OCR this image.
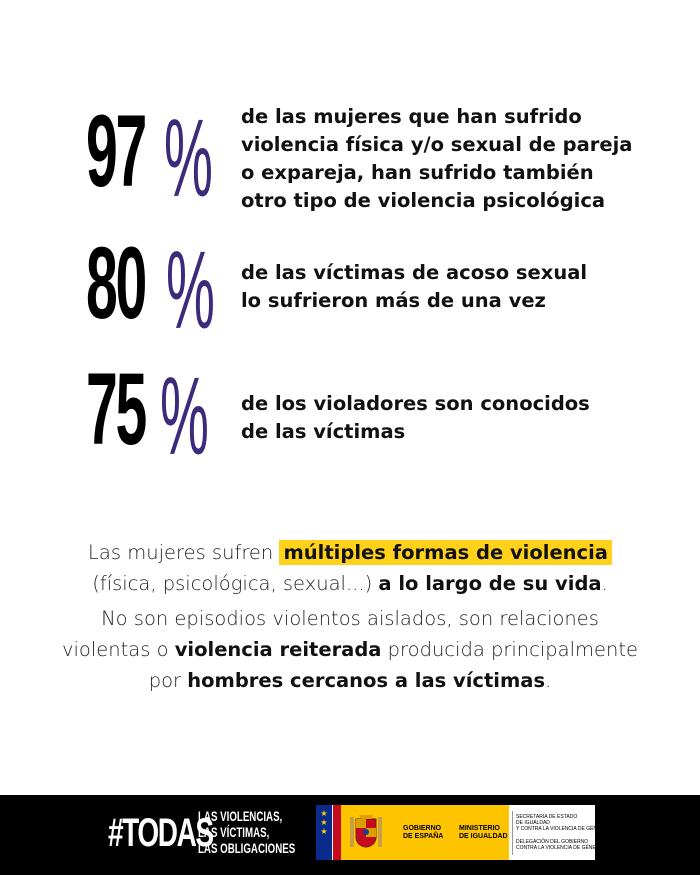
97 % de las mujeres que han sufrido
violencia física y/o sexual de pareja
o expareja, han sufrido también
otro tipo de violencia psicológica
80 % de las víctimas de acoso sexual
lo sufrieron más de una vez
75 % de los violadores son conocidos
de las víctimas
Las mujeres sufren múltiples formas de violencia
(física, psicológica, sexual...) a lo largo de su vida.
No son episodios violentos aislados, son relaciones
violentas o violencia reiterada producida principalmente
por hombres cercanos a las víctimas.
#TODAS
LAS VIOLENCIAS,
LAS VÍCTIMAS,
LAS OBLIGACIONES
★
★
★	GOBIERNO
DE ESPAÑA
MINISTERIO
DE IGUALDAD
SECRETARÍA DE ESTADO
DE IGUALDAD
Y CONTRA LA VIOLENCIA DE GÉNERO
DELEGACIÓN DEL GOBIERNO
CONTRA LA VIOLENCIA DE GÉNERO
